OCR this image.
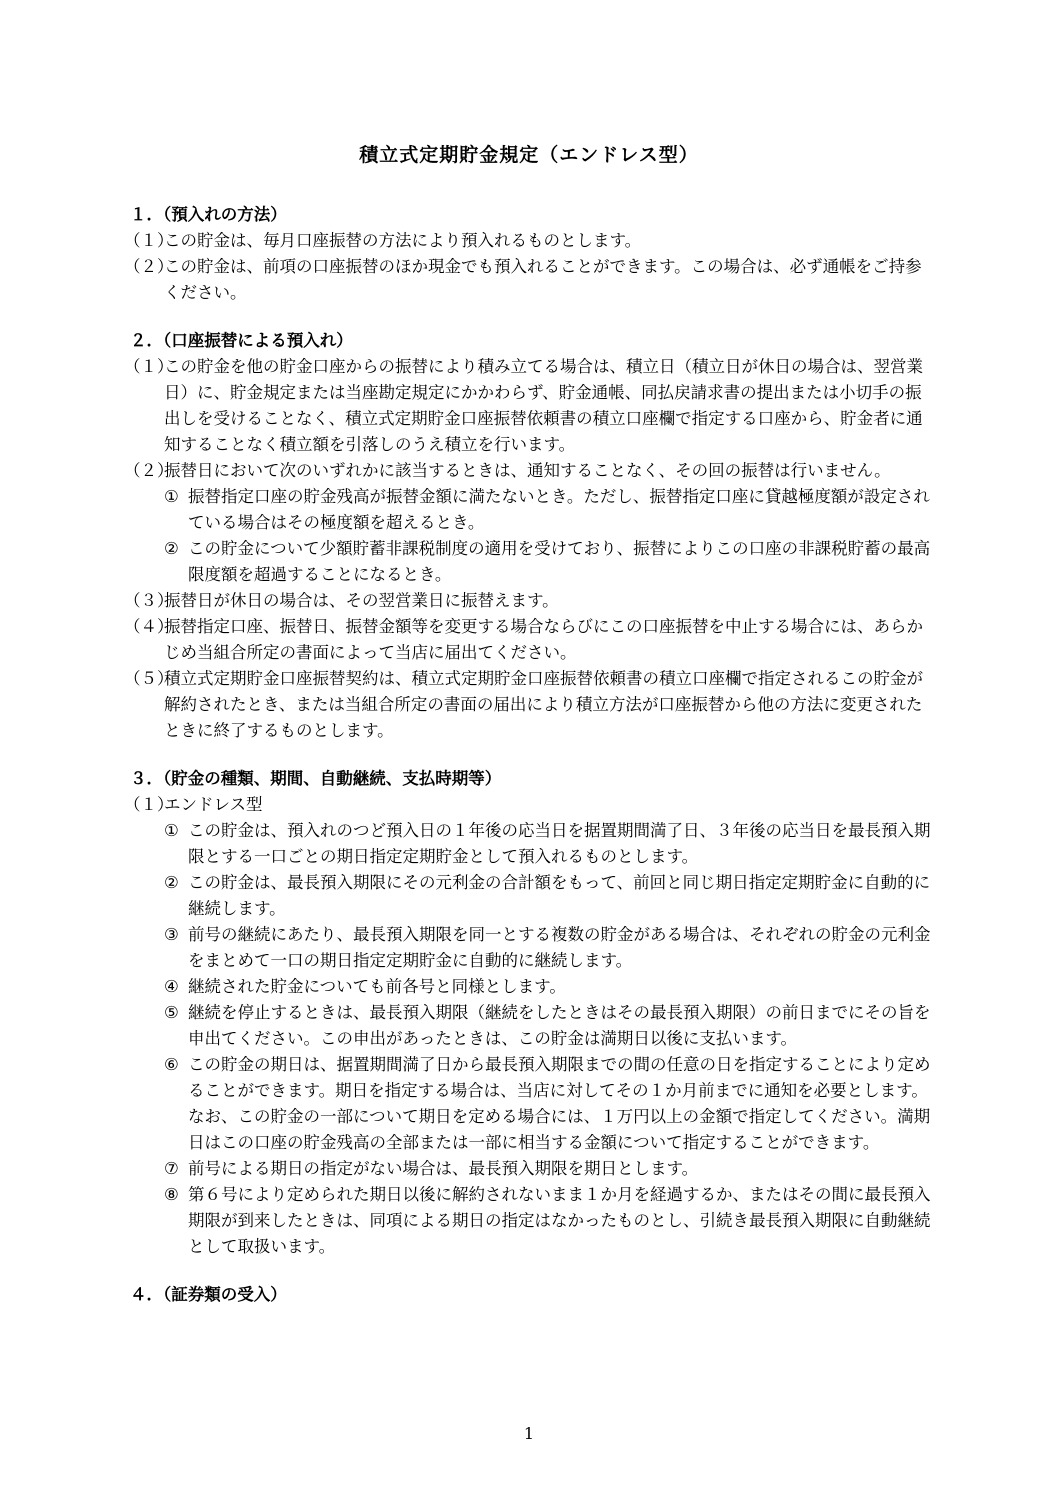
積立式定期貯金規定（エンドレス型）
１．（預入れの方法）
（１）この貯金は、毎月口座振替の方法により預入れるものとします。
（２）この貯金は、前項の口座振替のほか現金でも預入れることができます。この場合は、必ず通帳をご持参ください。
２．（口座振替による預入れ）
（１）この貯金を他の貯金口座からの振替により積み立てる場合は、積立日（積立日が休日の場合は、翌営業日）に、貯金規定または当座勘定規定にかかわらず、貯金通帳、同払戻請求書の提出または小切手の振出しを受けることなく、積立式定期貯金口座振替依頼書の積立口座欄で指定する口座から、貯金者に通知することなく積立額を引落しのうえ積立を行います。
（２）振替日において次のいずれかに該当するときは、通知することなく、その回の振替は行いません。
① 振替指定口座の貯金残高が振替金額に満たないとき。ただし、振替指定口座に貸越極度額が設定されている場合はその極度額を超えるとき。
② この貯金について少額貯蓄非課税制度の適用を受けており、振替によりこの口座の非課税貯蓄の最高限度額を超過することになるとき。
（３）振替日が休日の場合は、その翌営業日に振替えます。
（４）振替指定口座、振替日、振替金額等を変更する場合ならびにこの口座振替を中止する場合には、あらかじめ当組合所定の書面によって当店に届出てください。
（５）積立式定期貯金口座振替契約は、積立式定期貯金口座振替依頼書の積立口座欄で指定されるこの貯金が解約されたとき、または当組合所定の書面の届出により積立方法が口座振替から他の方法に変更されたときに終了するものとします。
３．（貯金の種類、期間、自動継続、支払時期等）
（１）エンドレス型
① この貯金は、預入れのつど預入日の１年後の応当日を据置期間満了日、３年後の応当日を最長預入期限とする一口ごとの期日指定定期貯金として預入れるものとします。
② この貯金は、最長預入期限にその元利金の合計額をもって、前回と同じ期日指定定期貯金に自動的に継続します。
③ 前号の継続にあたり、最長預入期限を同一とする複数の貯金がある場合は、それぞれの貯金の元利金をまとめて一口の期日指定定期貯金に自動的に継続します。
④ 継続された貯金についても前各号と同様とします。
⑤ 継続を停止するときは、最長預入期限（継続をしたときはその最長預入期限）の前日までにその旨を申出てください。この申出があったときは、この貯金は満期日以後に支払います。
⑥ この貯金の期日は、据置期間満了日から最長預入期限までの間の任意の日を指定することにより定めることができます。期日を指定する場合は、当店に対してその１か月前までに通知を必要とします。なお、この貯金の一部について期日を定める場合には、１万円以上の金額で指定してください。満期日はこの口座の貯金残高の全部または一部に相当する金額について指定することができます。
⑦ 前号による期日の指定がない場合は、最長預入期限を期日とします。
⑧ 第６号により定められた期日以後に解約されないまま１か月を経過するか、またはその間に最長預入期限が到来したときは、同項による期日の指定はなかったものとし、引続き最長預入期限に自動継続として取扱います。
４．（証券類の受入）
1
